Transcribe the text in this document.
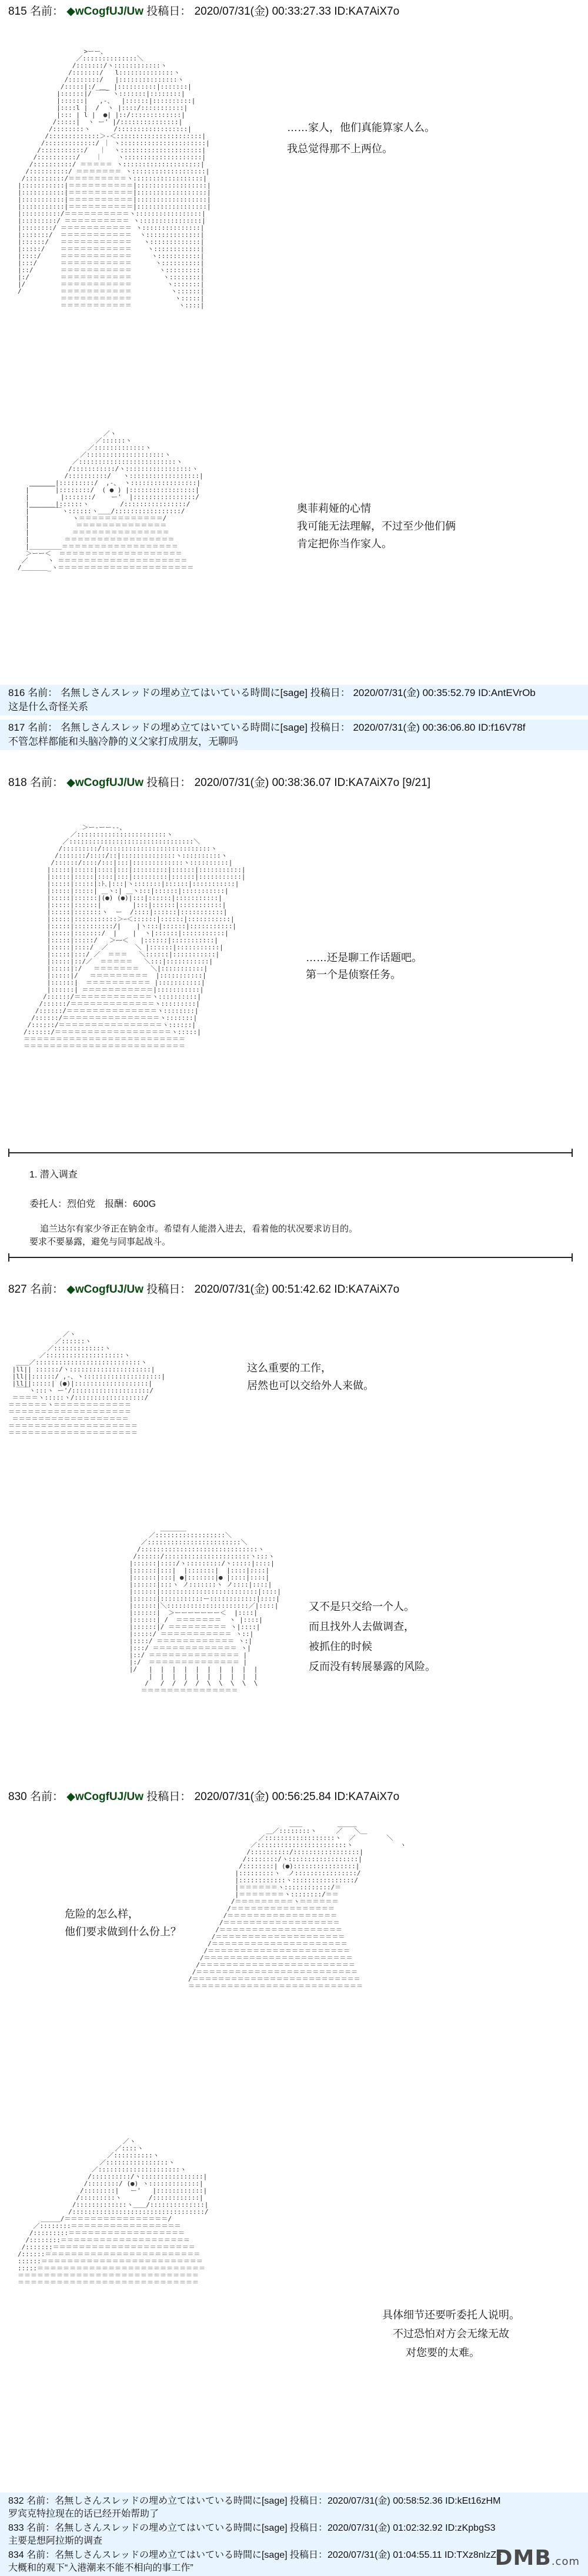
815 名前： ◆wCogfUJ/Uw 投稿日： 2020/07/31(金) 00:33:27.33 ID:KA7AiX7o

>ーー、
／::::::::::::::＼
/:::::::/ヽ::::::::::::ヽ
/:::::::/   l::::::::::::::ヽ
/::::::::/   |:::::::::::::::ヽ
/:::::|:/ ＿_ |::::::::::|:::::::|
|::::::|/ ￣￣ ヽ:::::::|::::::::|
|::::::|   ,-、  |::::::|::::::::::|
|::::l |  /  ヽ |::::/:::::::::::|
|::: | l |  ●| |::/:::::::::::::|
/:::::|  ヽ ー' |/:::::::::::::::|
/::::::::ヽ      /::::::::::::::::::|
/:::::::::::::＞-＜::::::::::::::::::::::|
/:::::::::::::/ ｜ ヽ::::::::::::::::::::::|
/:::::::::::/   ｜  ヽ:::::::::::::::::::::|
/::::::::::/    ｜    ヽ::::::::::::::::::::|
/::::::::::/ ＝＝＝＝＝ ヽ::::::::::::::::::::|
/::::::::::/ ＝＝＝＝＝＝＝ ヽ:::::::::::::::::::|
/::::::::::/＝＝＝＝＝＝＝＝＝ヽ::::::::::::::::::|
|:::::::::::|＝＝＝＝＝＝＝＝＝＝|::::::::::::::::::|
|:::::::::::|＝＝＝＝＝＝＝＝＝＝|::::::::::::::::::|
|:::::::::::|＝＝＝＝＝＝＝＝＝＝|::::::::::::::::::|
|:::::::::::|＝＝＝＝＝＝＝＝＝＝|::::::::::::::::::|
|::::::::::/＝＝＝＝＝＝＝＝＝＝ヽ:::::::::::::::::|
|:::::::::/ ＝＝＝＝＝＝＝＝＝＝ ヽ::::::::::::::::|
|::::::::/ ＝＝＝＝＝＝＝＝＝＝＝ ヽ:::::::::::::::|
|:::::::/  ＝＝＝＝＝＝＝＝＝＝＝  ヽ::::::::::::::|
|::::::/   ＝＝＝＝＝＝＝＝＝＝＝   ヽ:::::::::::::|
|:::::/    ＝＝＝＝＝＝＝＝＝＝＝    ヽ::::::::::::|
|::::/     ＝＝＝＝＝＝＝＝＝＝＝     ヽ:::::::::::|
|:::/      ＝＝＝＝＝＝＝＝＝＝＝      ヽ::::::::::|
|::/       ＝＝＝＝＝＝＝＝＝＝＝       ヽ:::::::::|
|:/        ＝＝＝＝＝＝＝＝＝＝＝        ヽ::::::::|
|/         ＝＝＝＝＝＝＝＝＝＝＝         ヽ:::::::|
/          ＝＝＝＝＝＝＝＝＝＝＝          ヽ::::::|
＝＝＝＝＝＝＝＝＝＝＝           ヽ:::::|
＝＝＝＝＝＝＝＝＝＝＝            ヽ::::|

……家人，他们真能算家人么。
我总觉得那不上两位。

／ヽ
／::::::ヽ
／:::::::::::::ヽ
／::::::::::::::::::::ヽ
／:::::::::::::::::::::::::ヽ
/:::::::::::/ヽ:::::::::::::::::ヽ
/::::::::::/   ヽ::::::::::::::::::|
＿＿＿＿|:::::::::/  ,-、 ヽ:::::::::::::::::|
|￣￣￣￣|::::::::/  ( ● ) |:::::::::::::::::|
|        |:::::::/    ー'  |::::::::::::::::/
|＿＿＿＿|::::::ヽ        /::::::::::::::::/
|￣￣￣￣￣ヽ::::::ヽ＿＿/:::::::::::::::::/
|           ヽ＝＝＝＝＝＝＝＝＝＝＝＝＝/
|            ＝＝＝＝＝＝＝＝＝＝＝＝＝＝
|           ＝＝＝＝＝＝＝＝＝＝＝＝＝＝＝
|         ＝＝＝＝＝＝＝＝＝＝＝＝＝＝＝＝＝
|＿＿＿＿＿＝＝＝＝＝＝＝＝＝＝＝＝＝＝＝＝＝＝
＞ーー＜  ＝＝＝＝＝＝＝＝＝＝＝＝＝＝＝＝＝＝＝
／     ヽ ＝＝＝＝＝＝＝＝＝＝＝＝＝＝＝＝＝＝＝＝
/＿＿＿＿_ヽ＝＝＝＝＝＝＝＝＝＝＝＝＝＝＝＝＝＝＝＝＝

奥菲莉娅的心情
我可能无法理解，不过至少他们俩
肯定把你当作家人。
816 名前： 名無しさんスレッドの埋め立てはいている時間に[sage] 投稿日： 2020/07/31(金) 00:35:52.79 ID:AntEVrOb
这是什么奇怪关系
817 名前： 名無しさんスレッドの埋め立てはいている時間に[sage] 投稿日： 2020/07/31(金) 00:36:06.80 ID:f16V78f
不管怎样都能和头脑冷静的义父家打成朋友，无聊吗
818 名前： ◆wCogfUJ/Uw 投稿日： 2020/07/31(金) 00:38:36.07 ID:KA7AiX7o [9/21]

＞ー‐ーー‐‐、
／:::::::::::::::::::::::ヽ
／::::::::::::::::::::::::::::::::＼
/:::::::::/::::::::::::::::::::::::::::ヽ
/:::::::/::::/::|::::::::::::::ヽ::::::::::ヽ
/::::::/::::/:::|:::|:::::::::::::ヽ::::::::::|
|:::::|:::::|::::|:::|:::::::::|::::::|:::::::::::|
|:::::|:::::|::::|:::|:::::::::|::::::|:::::::::::|
|:::::|:::::|:ﾄ､|:::|ヽ:::::::|::::::|:::::::::::|
|:::::|:::::| ＿ヽ:| ＿ヽ:::|::::::|:::::::::::|
|:::::|::::::|(●) (●)|:::|::::::|:::::::::::|
|:::::|::::::|        |:::|::::::|:::::::::::|
|:::::|:::::::ヽ  ー  /::::|::::::|:::::::::::|
|:::::|:::::::::::＞ｰ＜::::::|::::::|:::::::::::|
|:::::|::::::::::/|    |ヽ:::|::::::|:::::::::::|
|:::::|:::::::/  |    |  ヽ|::::::|:::::::::::|
|:::::|:::::/   ＞ｰｰ＜   |::::::|:::::::::::|
|:::::|::::/  ／       ＼ |::::::|:::::::::::|
|:::::|:::/ ／  ＝＝＝   ＼::::::|:::::::::::|
|:::::|::/／  ＝＝＝＝＝   ＼:::|:::::::::::|
|:::::|:/   ＝＝＝＝＝＝＝   ＼|:::::::::::|
|:::::|/   ＝＝＝＝＝＝＝＝＝  |:::::::::::|
|::::::|  ＝＝＝＝＝＝＝＝＝＝ |:::::::::::|
|::::::| ＝＝＝＝＝＝＝＝＝＝＝|:::::::::::|
/::::::/＝＝＝＝＝＝＝＝＝＝＝＝ヽ::::::::::|
/::::::/＝＝＝＝＝＝＝＝＝＝＝＝＝ヽ:::::::::|
/::::::/＝＝＝＝＝＝＝＝＝＝＝＝＝＝ヽ::::::::|
/::::::/＝＝＝＝＝＝＝＝＝＝＝＝＝＝＝ヽ:::::::|
/::::::/＝＝＝＝＝＝＝＝＝＝＝＝＝＝＝＝ヽ::::::|
/::::::/＝＝＝＝＝＝＝＝＝＝＝＝＝＝＝＝＝＝ヽ:::::|
＝＝＝＝＝＝＝＝＝＝＝＝＝＝＝＝＝＝＝＝＝＝＝＝＝
＝＝＝＝＝＝＝＝＝＝＝＝＝＝＝＝＝＝＝＝＝＝＝＝＝

……还是聊工作话题吧。
第一个是侦察任务。
1. 潜入调查
委托人：烈伯党　报酬：600G
追兰达尔有家少爷正在钠金市。希望有人能潜入进去，看着他的状况要求访目的。
要求不要暴露，避免与同事起战斗。
827 名前： ◆wCogfUJ/Uw 投稿日： 2020/07/31(金) 00:51:42.62 ID:KA7AiX7o

／ヽ
／::::::ヽ
／:::::::::::::ヽ
／::::::::::::::::::::ヽ
＿＿／:::::::::::::::::::::::::::ヽ
|ll|| ::::::/ヽ:::::::::::::::::::::|
|ll||::::::/ ,-、ヽ::::::::::::::::::::|
|ll||:::::| (●)|:::::::::::::::::::|
￣￣ヽ:::ヽ ー'/::::::::::::::::::::/
＝＝＝＝ヽ:::::ヽ/::::::::::::::::::/
＝＝＝＝＝＝ヽ＝＝＝＝＝＝＝＝＝＝＝＝
＝＝＝＝＝＝＝＝＝＝＝＝＝＝＝＝＝＝＝
＝＝＝＝＝＝＝＝＝＝＝＝＝＝＝＝＝＝
＝＝＝＝＝＝＝＝＝＝＝＝＝＝＝＝＝＝＝＝
＝＝＝＝＝＝＝＝＝＝＝＝＝＝＝＝＝＝＝＝

这么重要的工作，
居然也可以交给外人来做。

＿＿＿＿
／::::::::::::::::::＼
／::::::::::::::::::::::::＼
/::::::::::::::::::::::::::::::ヽ
/::::::/::::::::::::::::::::::ヽ:::ヽ
|::::::|::::/ヽ:::::::::/ヽ:::::|::::|
|::::::|:::|  |:::::::|  |::::|::::|
|::::::|:::| ●|:::::::|● |::::|::::|
|::::::|:::ヽ ノ:::::::ヽ ノ::::|::::|
|::::::|:::::::::::::::::::::::::|::::|
|::::::|:::::::::::ー::::::::::::|::::|
|::::::|＼:::::::::::::::::::::／|::::|
|::::::|  ＞ーーーーーーー＜  |::::|
|::::::| /  ＝＝＝＝＝＝＝  ヽ |::::|
|::::::|/ ＝＝＝＝＝＝＝＝＝ ヽ|::::|
|:::::/ ＝＝＝＝＝＝＝＝＝＝＝ ヽ::|
|::::/ ＝＝＝＝＝＝＝＝＝＝＝＝ ヽ:|
|:::/ ＝＝＝＝＝＝＝＝＝＝＝＝＝ ヽ|
|::/ ＝＝＝＝＝＝＝＝＝＝＝＝＝＝ |
|:/  ＝＝＝＝＝＝＝＝＝＝＝＝＝＝ |
|/   |  |  |  |  |  |  |  |  |  |
|  |  |  |  |  |  |  |  |  |
/   /  /  /  /  \  \  \  \  \
＝＝＝＝＝＝＝＝＝＝＝＝＝＝＝

又不是只交给一个人。
而且找外人去做调查，
被抓住的时候
反而没有转展暴露的风险。
830 名前： ◆wCogfUJ/Uw 投稿日： 2020/07/31(金) 00:56:25.84 ID:KA7AiX7o

＿＿         ＿＿＿
＿／::::::::ヽ     ／   ＼＿
／::::::::::::::::::ヽ  ／        ＼
／:::::::::::::::::::::::ヽ            ヽ
/::::::::::/:::::::::::::::::|
/::::::::/ヽ::::::::::::::::::|
/::::::::| (●)::::::::::::::::|
|:::::::::ヽ  ノ::::::::::::::::/
|::::::::::::ヽ::::::::::::::::/
|＝＝＝＝＝＝ヽ::::::::::::/＝
|＝＝＝＝＝＝＝ヽ::::::::/＝＝
/＝＝＝＝＝＝＝＝＝ヽ＝＝＝＝＝＝
/＝＝＝＝＝＝＝＝＝＝＝＝＝＝＝＝
/＝＝＝＝＝＝＝＝＝＝＝＝＝＝＝＝＝
/＝＝＝＝＝＝＝＝＝＝＝＝＝＝＝＝＝＝
/＝＝＝＝＝＝＝＝＝＝＝＝＝＝＝＝＝＝＝
/＝＝＝＝＝＝＝＝＝＝＝＝＝＝＝＝＝＝＝＝
/＝＝＝＝＝＝＝＝＝＝＝＝＝＝＝＝＝＝＝＝＝
/＝＝＝＝＝＝＝＝＝＝＝＝＝＝＝＝＝＝＝＝＝＝
/＝＝＝＝＝＝＝＝＝＝＝＝＝＝＝＝＝＝＝＝＝＝＝
/＝＝＝＝＝＝＝＝＝＝＝＝＝＝＝＝＝＝＝＝＝＝＝＝
/＝＝＝＝＝＝＝＝＝＝＝＝＝＝＝＝＝＝＝＝＝＝＝＝＝
/＝＝＝＝＝＝＝＝＝＝＝＝＝＝＝＝＝＝＝＝＝＝＝＝＝＝
＝＝＝＝＝＝＝＝＝＝＝＝＝＝＝＝＝＝＝＝＝＝＝＝＝＝＝

危险的怎么样，
他们要求做到什么份上？

／ヽ
／::::ヽ
／::::::::::ヽ
／::::::::::::::::ヽ
／:::::::::::::::::::::ヽ
/::::::::::/ヽ::::::::::::::::|
/::::::::/ (●) ヽ:::::::::::::|
/::::::::|   ー'   |::::::::::::|
/:::::::::ヽ       /::::::::::::|
/:::::::::::::ヽ＿＿/::::::::::::::|
/::::::::::::::::::::::::::::::::::/
＿＿＿/＝＝＝＝＝＝＝＝＝＝＝＝＝＝＝＝/
／::::::::＝＝＝＝＝＝＝＝＝＝＝＝＝＝＝＝＝
/:::::::::＝＝＝＝＝＝＝＝＝＝＝＝＝＝＝＝＝＝
/::::::::＝＝＝＝＝＝＝＝＝＝＝＝＝＝＝＝＝＝＝＝
/:::::::＝＝＝＝＝＝＝＝＝＝＝＝＝＝＝＝＝＝＝＝＝＝
/::::::＝＝＝＝＝＝＝＝＝＝＝＝＝＝＝＝＝＝＝＝＝＝＝＝
::::::＝＝＝＝＝＝＝＝＝＝＝＝＝＝＝＝＝＝＝＝＝＝＝＝＝
:::::＝＝＝＝＝＝＝＝＝＝＝＝＝＝＝＝＝＝＝＝＝＝＝＝＝＝
＝＝＝＝＝＝＝＝＝＝＝＝＝＝＝＝＝＝＝＝＝＝＝＝＝＝＝＝
＝＝＝＝＝＝＝＝＝＝＝＝＝＝＝＝＝＝＝＝＝＝＝＝＝＝＝＝

具体细节还要听委托人说明。
不过恐怕对方会无缘无故
对您要的太难。
832 名前：名無しさんスレッドの埋め立てはいている時間に[sage] 投稿日：2020/07/31(金) 00:58:52.36 ID:kEt16zHM
罗宾克特拉现在的话已经开始帮助了
833 名前：名無しさんスレッドの埋め立てはいている時間に[sage] 投稿日：2020/07/31(金) 01:02:32.92 ID:zKpbgS3
主要是想阿拉斯的调查
834 名前：名無しさんスレッドの埋め立てはいている時間に[sage] 投稿日：2020/07/31(金) 01:04:55.11 ID:TXz8nlzZ+
大概和的观下“入港潮来不能不相向的事工作”	DMB.com
